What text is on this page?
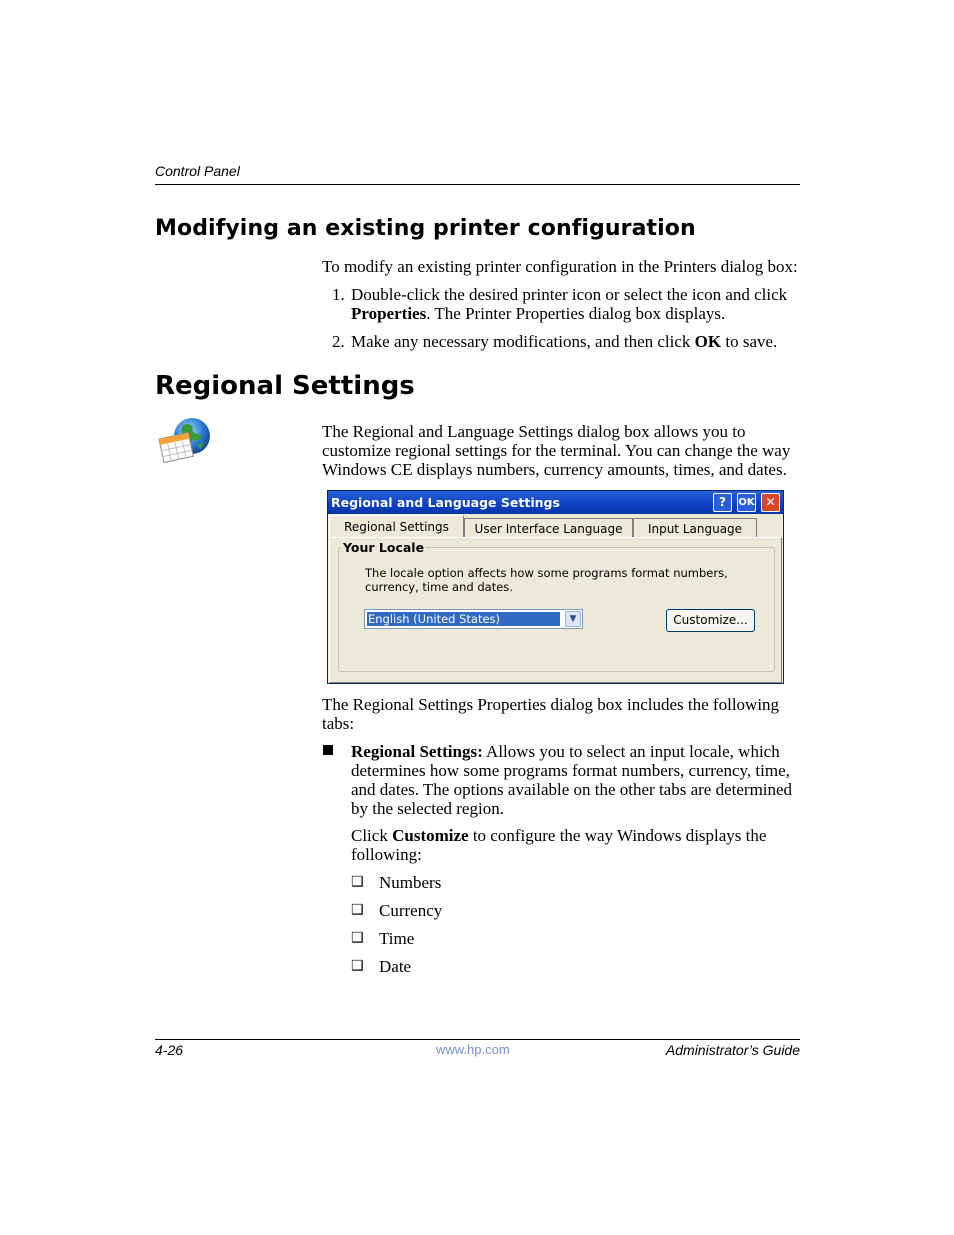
Control Panel
Modifying an existing printer configuration
To modify an existing printer configuration in the Printers dialog box:
1. Double-click the desired printer icon or select the icon and click
Properties. The Printer Properties dialog box displays.
2. Make any necessary modifications, and then click OK to save.
Regional Settings
The Regional and Language Settings dialog box allows you to
customize regional settings for the terminal. You can change the way
Windows CE displays numbers, currency amounts, times, and dates.
Regional and Language Settings	?	OK ✕
Regional Settings	User Interface Language	Input Language
Your Locale
The locale option affects how some programs format numbers, currency, time and dates.
English (United States)	▼	Customize...
The Regional Settings Properties dialog box includes the following
tabs:
Regional Settings: Allows you to select an input locale, which
determines how some programs format numbers, currency, time,
and dates. The options available on the other tabs are determined
by the selected region.
Click Customize to configure the way Windows displays the
following:
❑ Numbers
❑ Currency
❑ Time
❑ Date
4-26	www.hp.com	Administrator’s Guide
